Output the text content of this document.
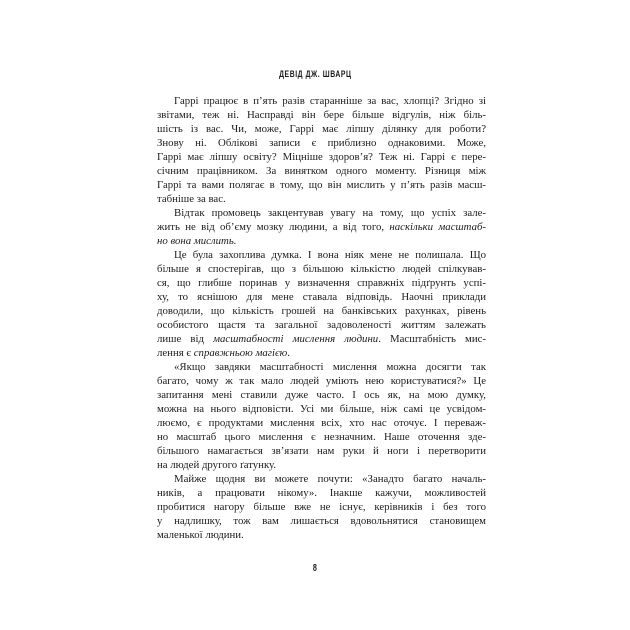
ДЕВІД ДЖ. ШВАРЦ
Гаррі працює в п’ять разів старанніше за вас, хлопці? Згідно зі
звітами, теж ні. Насправді він бере більше відгулів, ніж біль-
шість із вас. Чи, може, Гаррі має ліпшу ділянку для роботи?
Знову ні. Облікові записи є приблизно однаковими. Може,
Гаррі має ліпшу освіту? Міцніше здоров’я? Теж ні. Гаррі є пере-
січним працівником. За винятком одного моменту. Різниця між
Гаррі та вами полягає в тому, що він мислить у п’ять разів масш-
табніше за вас.
Відтак промовець закцентував увагу на тому, що успіх зале-
жить не від об’єму мозку людини, а від того, наскільки масштаб-
но вона мислить.
Це була захоплива думка. І вона ніяк мене не полишала. Що
більше я спостерігав, що з більшою кількістю людей спілкував-
ся, що глибше поринав у визначення справжніх підґрунть успі-
ху, то яснішою для мене ставала відповідь. Наочні приклади
доводили, що кількість грошей на банківських рахунках, рівень
особистого щастя та загальної задоволеності життям залежать
лише від масштабності мислення людини. Масштабність мис-
лення є справжньою магією.
«Якщо завдяки масштабності мислення можна досягти так
багато, чому ж так мало людей уміють нею користуватися?» Це
запитання мені ставили дуже часто. І ось як, на мою думку,
можна на нього відповісти. Усі ми більше, ніж самі це усвідом-
люємо, є продуктами мислення всіх, хто нас оточує. І переваж-
но масштаб цього мислення є незначним. Наше оточення зде-
більшого намагається зв’язати нам руки й ноги і перетворити
на людей другого ґатунку.
Майже щодня ви можете почути: «Занадто багато началь-
ників, а працювати нікому». Інакше кажучи, можливостей
пробитися нагору більше вже не існує, керівників і без того
у надлишку, тож вам лишається вдовольнятися становищем
маленької людини.
8
